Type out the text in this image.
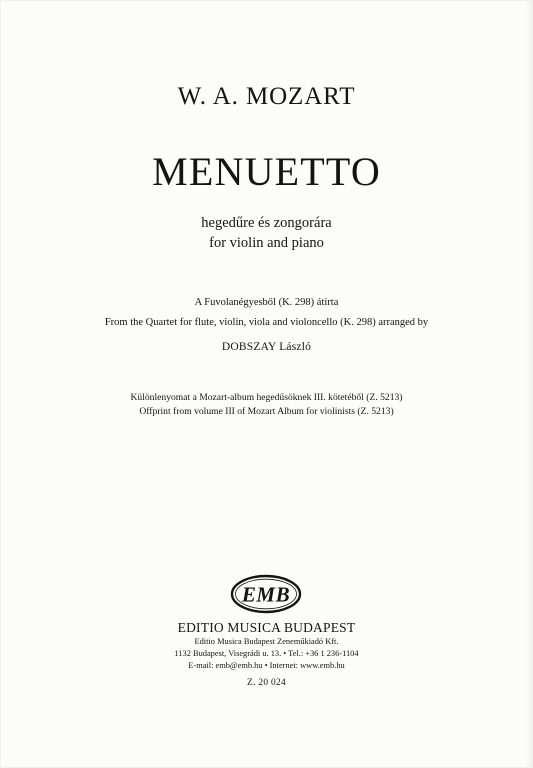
W. A. MOZART
MENUETTO
hegedűre és zongorára
for violin and piano
A Fuvolanégyesből (K. 298) átírta
From the Quartet for flute, violin, viola and violoncello (K. 298) arranged by
DOBSZAY László
Különlenyomat a Mozart-album hegedűsöknek III. kötetéből (Z. 5213)
Offprint from volume III of Mozart Album for violinists (Z. 5213)
EMB
EDITIO MUSICA BUDAPEST
Editio Musica Budapest Zeneműkiadó Kft.
1132 Budapest, Visegrádi u. 13. • Tel.: +36 1 236-1104
E-mail: emb@emb.hu • Internet: www.emb.hu
Z. 20 024
